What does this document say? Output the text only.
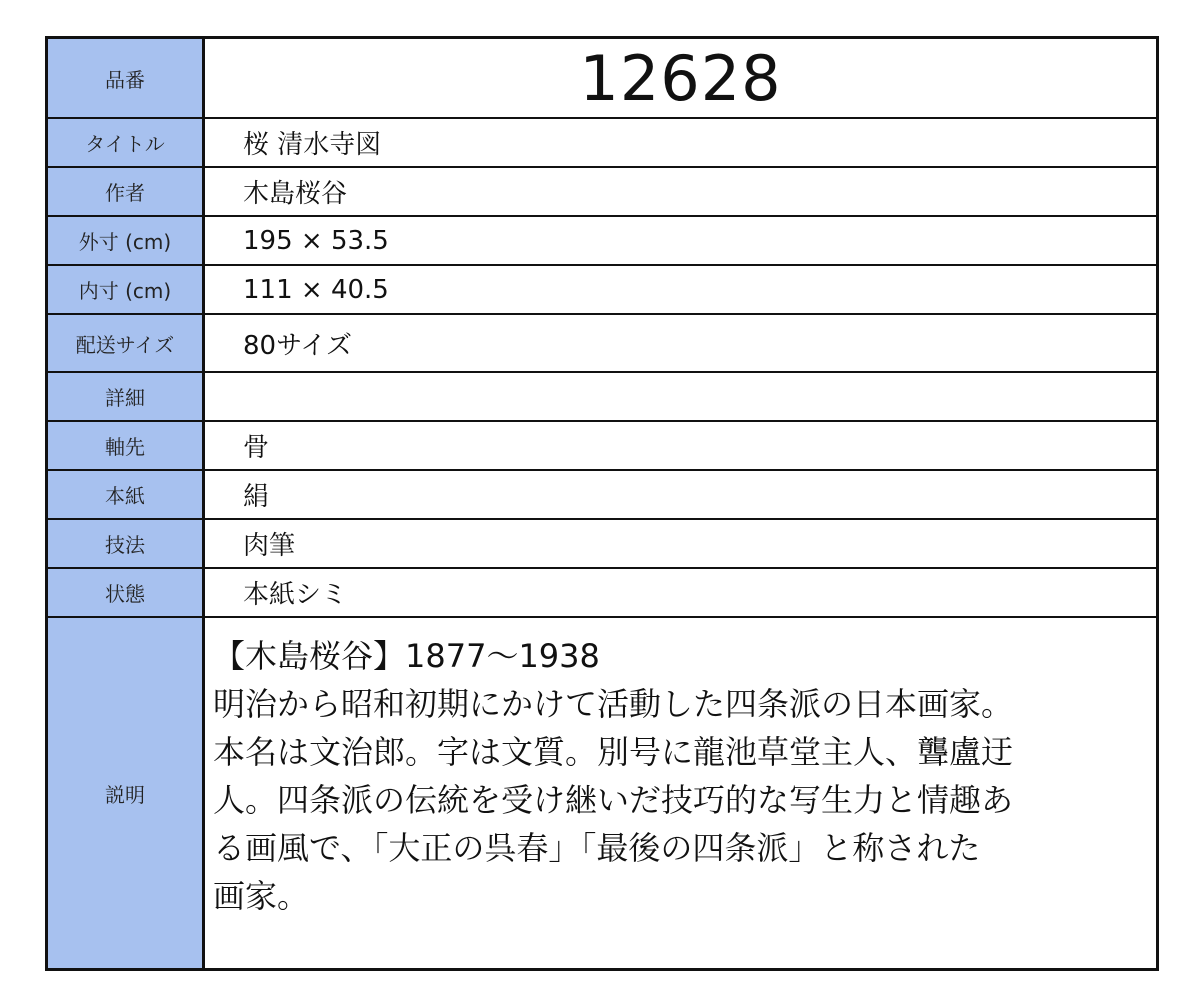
品番	12628
タイトル	桜 清水寺図
作者	木島桜谷
外寸 (cm)	195 × 53.5
内寸 (cm)	111 × 40.5
配送サイズ	80サイズ
詳細
軸先	骨
本紙	絹
技法	肉筆
状態	本紙シミ
説明
【木島桜谷】1877〜1938
明治から昭和初期にかけて活動した四条派の日本画家。
本名は文治郎。字は文質。別号に龍池草堂主人、聾盧迂
人。四条派の伝統を受け継いだ技巧的な写生力と情趣あ
る画風で、「大正の呉春」「最後の四条派」と称された
画家。
